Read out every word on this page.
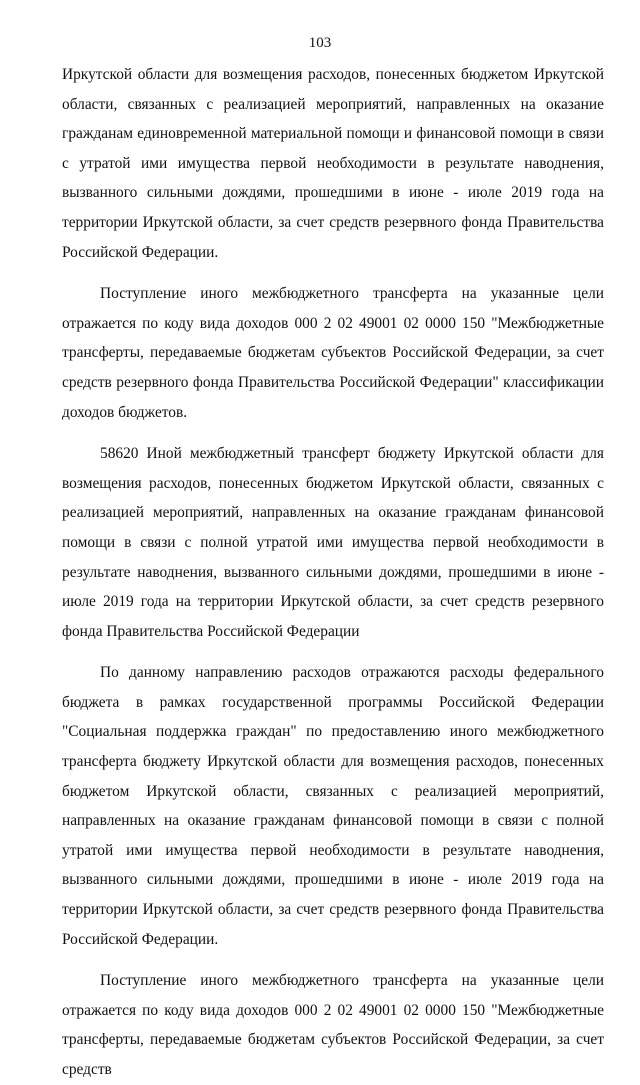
103

Иркутской области для возмещения расходов, понесенных бюджетом Иркутской области, связанных с реализацией мероприятий, направленных на оказание гражданам единовременной материальной помощи и финансовой помощи в связи с утратой ими имущества первой необходимости в результате наводнения, вызванного сильными дождями, прошедшими в июне - июле 2019 года на территории Иркутской области, за счет средств резервного фонда Правительства Российской Федерации.

Поступление иного межбюджетного трансферта на указанные цели отражается по коду вида доходов 000 2 02 49001 02 0000 150 "Межбюджетные трансферты, передаваемые бюджетам субъектов Российской Федерации, за счет средств резервного фонда Правительства Российской Федерации" классификации доходов бюджетов.

58620 Иной межбюджетный трансферт бюджету Иркутской области для возмещения расходов, понесенных бюджетом Иркутской области, связанных с реализацией мероприятий, направленных на оказание гражданам финансовой помощи в связи с полной утратой ими имущества первой необходимости в результате наводнения, вызванного сильными дождями, прошедшими в июне - июле 2019 года на территории Иркутской области, за счет средств резервного фонда Правительства Российской Федерации

По данному направлению расходов отражаются расходы федерального бюджета в рамках государственной программы Российской Федерации "Социальная поддержка граждан" по предоставлению иного межбюджетного трансферта бюджету Иркутской области для возмещения расходов, понесенных бюджетом Иркутской области, связанных с реализацией мероприятий, направленных на оказание гражданам финансовой помощи в связи с полной утратой ими имущества первой необходимости в результате наводнения, вызванного сильными дождями, прошедшими в июне - июле 2019 года на территории Иркутской области, за счет средств резервного фонда Правительства Российской Федерации.

Поступление иного межбюджетного трансферта на указанные цели отражается по коду вида доходов 000 2 02 49001 02 0000 150 "Межбюджетные трансферты, передаваемые бюджетам субъектов Российской Федерации, за счет средств
